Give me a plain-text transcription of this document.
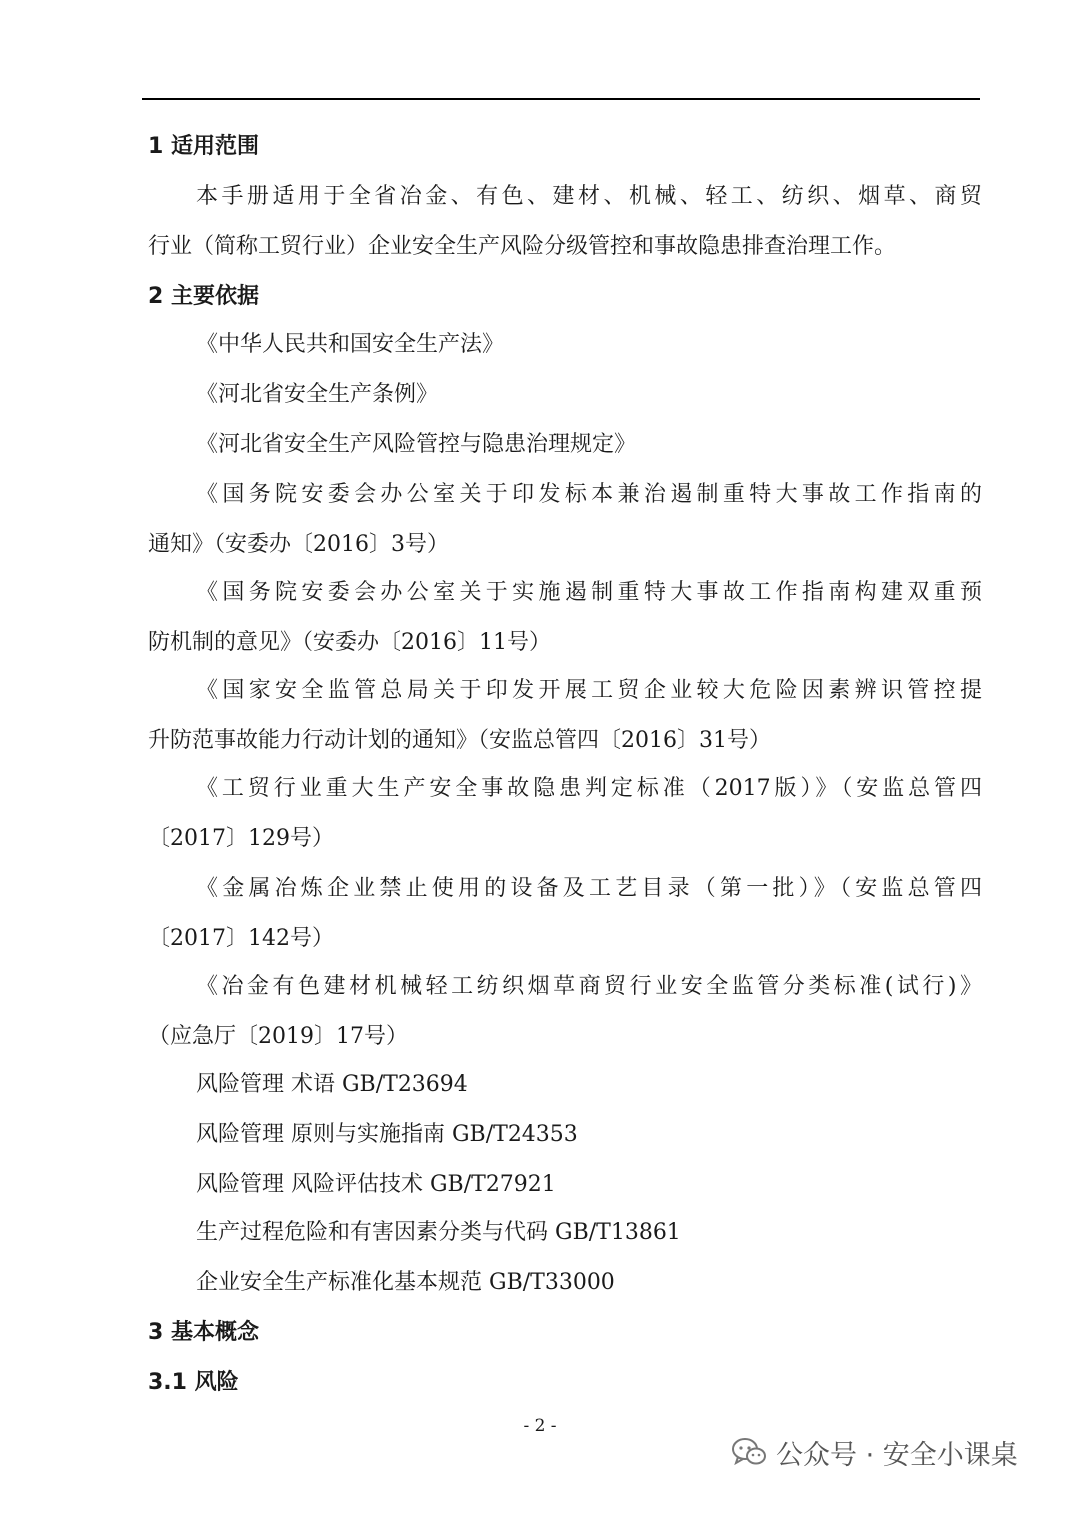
1 适用范围
本手册适用于全省冶金、有色、建材、机械、轻工、纺织、烟草、商贸
行业（简称工贸行业）企业安全生产风险分级管控和事故隐患排查治理工作。
2 主要依据
《中华人民共和国安全生产法》
《河北省安全生产条例》
《河北省安全生产风险管控与隐患治理规定》
《国务院安委会办公室关于印发标本兼治遏制重特大事故工作指南的
通知》（安委办〔2016〕3号）
《国务院安委会办公室关于实施遏制重特大事故工作指南构建双重预
防机制的意见》（安委办〔2016〕11号）
《国家安全监管总局关于印发开展工贸企业较大危险因素辨识管控提
升防范事故能力行动计划的通知》（安监总管四〔2016〕31号）
《工贸行业重大生产安全事故隐患判定标准（2017版）》（安监总管四
〔2017〕129号）
《金属冶炼企业禁止使用的设备及工艺目录（第一批）》（安监总管四
〔2017〕142号）
《冶金有色建材机械轻工纺织烟草商贸行业安全监管分类标准(试行)》
（应急厅〔2019〕17号）
风险管理 术语 GB/T23694
风险管理 原则与实施指南 GB/T24353
风险管理 风险评估技术 GB/T27921
生产过程危险和有害因素分类与代码 GB/T13861
企业安全生产标准化基本规范 GB/T33000
3 基本概念
3.1 风险
- 2 -
公众号 · 安全小课桌
